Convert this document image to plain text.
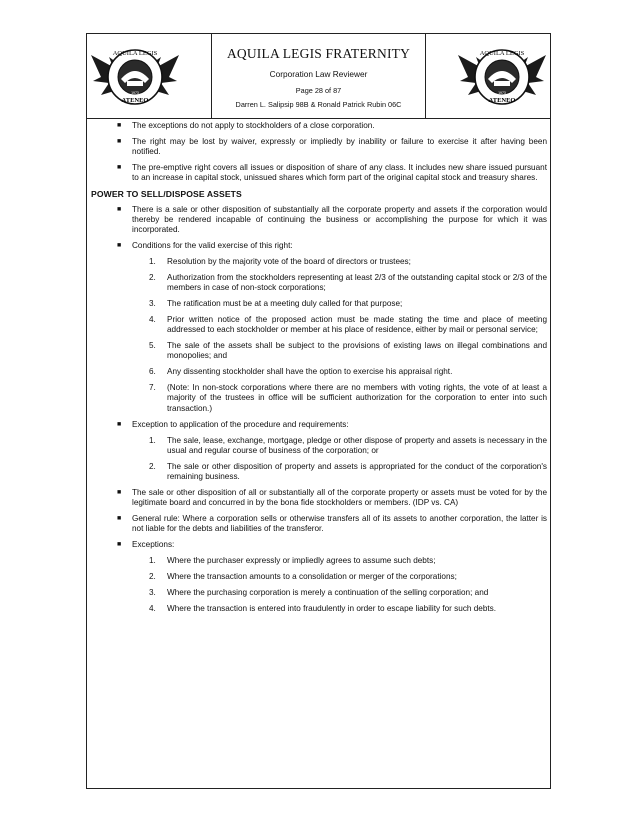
AQUILA LEGIS
ATENEO
1973
AQUILA LEGIS FRATERNITY
Corporation Law Reviewer
Page 28 of 87
Darren L. Salipsip 98B & Ronald Patrick Rubin 06C
AQUILA LEGIS
ATENEO
1973
■ The exceptions do not apply to stockholders of a close corporation.
■ The right may be lost by waiver, expressly or impliedly by inability or failure to exercise it after having been notified.
■ The pre-emptive right covers all issues or disposition of share of any class. It includes new share issued pursuant to an increase in capital stock, unissued shares which form part of the original capital stock and treasury shares.
POWER TO SELL/DISPOSE ASSETS
■ There is a sale or other disposition of substantially all the corporate property and assets if the corporation would thereby be rendered incapable of continuing the business or accomplishing the purpose for which it was incorporated.
■ Conditions for the valid exercise of this right:
1. Resolution by the majority vote of the board of directors or trustees;
2. Authorization from the stockholders representing at least 2/3 of the outstanding capital stock or 2/3 of the members in case of non-stock corporations;
3. The ratification must be at a meeting duly called for that purpose;
4. Prior written notice of the proposed action must be made stating the time and place of meeting addressed to each stockholder or member at his place of residence, either by mail or personal service;
5. The sale of the assets shall be subject to the provisions of existing laws on illegal combinations and monopolies; and
6. Any dissenting stockholder shall have the option to exercise his appraisal right.
7. (Note: In non-stock corporations where there are no members with voting rights, the vote of at least a majority of the trustees in office will be sufficient authorization for the corporation to enter into such transaction.)
■ Exception to application of the procedure and requirements:
1. The sale, lease, exchange, mortgage, pledge or other dispose of property and assets is necessary in the usual and regular course of business of the corporation; or
2. The sale or other disposition of property and assets is appropriated for the conduct of the corporation's remaining business.
■ The sale or other disposition of all or substantially all of the corporate property or assets must be voted for by the legitimate board and concurred in by the bona fide stockholders or members. (IDP vs. CA)
■ General rule: Where a corporation sells or otherwise transfers all of its assets to another corporation, the latter is not liable for the debts and liabilities of the transferor.
■ Exceptions:
1. Where the purchaser expressly or impliedly agrees to assume such debts;
2. Where the transaction amounts to a consolidation or merger of the corporations;
3. Where the purchasing corporation is merely a continuation of the selling corporation; and
4. Where the transaction is entered into fraudulently in order to escape liability for such debts.
